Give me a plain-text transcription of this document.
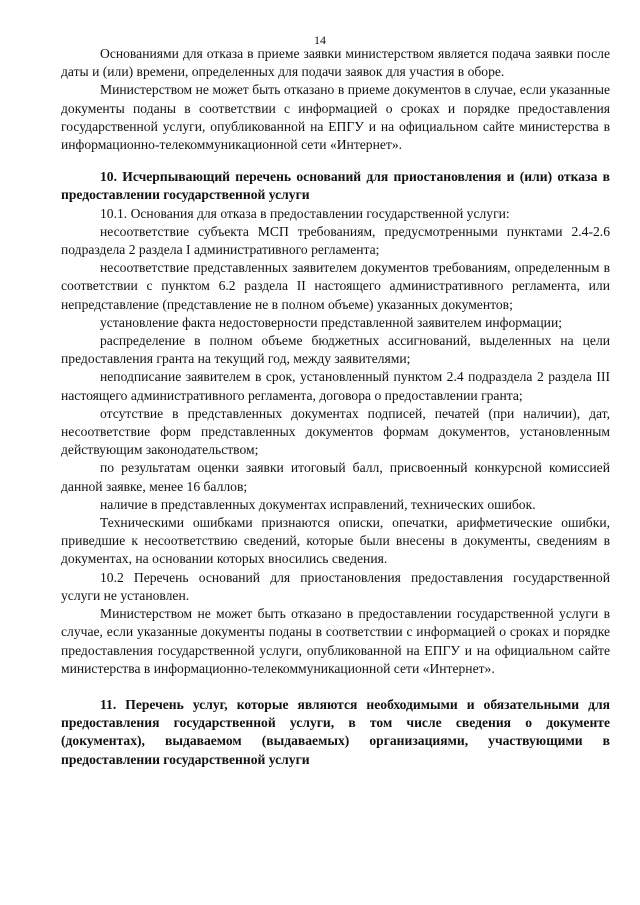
14

Основаниями для отказа в приеме заявки министерством является подача заявки после даты и (или) времени, определенных для подачи заявок для участия в оборе.

Министерством не может быть отказано в приеме документов в случае, если указанные документы поданы в соответствии с информацией о сроках и порядке предоставления государственной услуги, опубликованной на ЕПГУ и на официальном сайте министерства в информационно-телекоммуникационной сети «Интернет».

10. Исчерпывающий перечень оснований для приостановления и (или) отказа в предоставлении государственной услуги

10.1. Основания для отказа в предоставлении государственной услуги:

несоответствие субъекта МСП требованиям, предусмотренными пунктами 2.4-2.6 подраздела 2 раздела I административного регламента;

несоответствие представленных заявителем документов требованиям, определенным в соответствии с пунктом 6.2 раздела II настоящего административного регламента, или непредставление (представление не в полном объеме) указанных документов;

установление факта недостоверности представленной заявителем информации;

распределение в полном объеме бюджетных ассигнований, выделенных на цели предоставления гранта на текущий год, между заявителями;

неподписание заявителем в срок, установленный пунктом 2.4 подраздела 2 раздела III настоящего административного регламента, договора о предоставлении гранта;

отсутствие в представленных документах подписей, печатей (при наличии), дат, несоответствие форм представленных документов формам документов, установленным действующим законодательством;

по результатам оценки заявки итоговый балл, присвоенный конкурсной комиссией данной заявке, менее 16 баллов;

наличие в представленных документах исправлений, технических ошибок.

Техническими ошибками признаются описки, опечатки, арифметические ошибки, приведшие к несоответствию сведений, которые были внесены в документы, сведениям в документах, на основании которых вносились сведения.

10.2 Перечень оснований для приостановления предоставления государственной услуги не установлен.

Министерством не может быть отказано в предоставлении государственной услуги в случае, если указанные документы поданы в соответствии с информацией о сроках и порядке предоставления государственной услуги, опубликованной на ЕПГУ и на официальном сайте министерства в информационно-телекоммуникационной сети «Интернет».

11. Перечень услуг, которые являются необходимыми и обязательными для предоставления государственной услуги, в том числе сведения о документе (документах), выдаваемом (выдаваемых) организациями, участвующими в предоставлении государственной услуги
